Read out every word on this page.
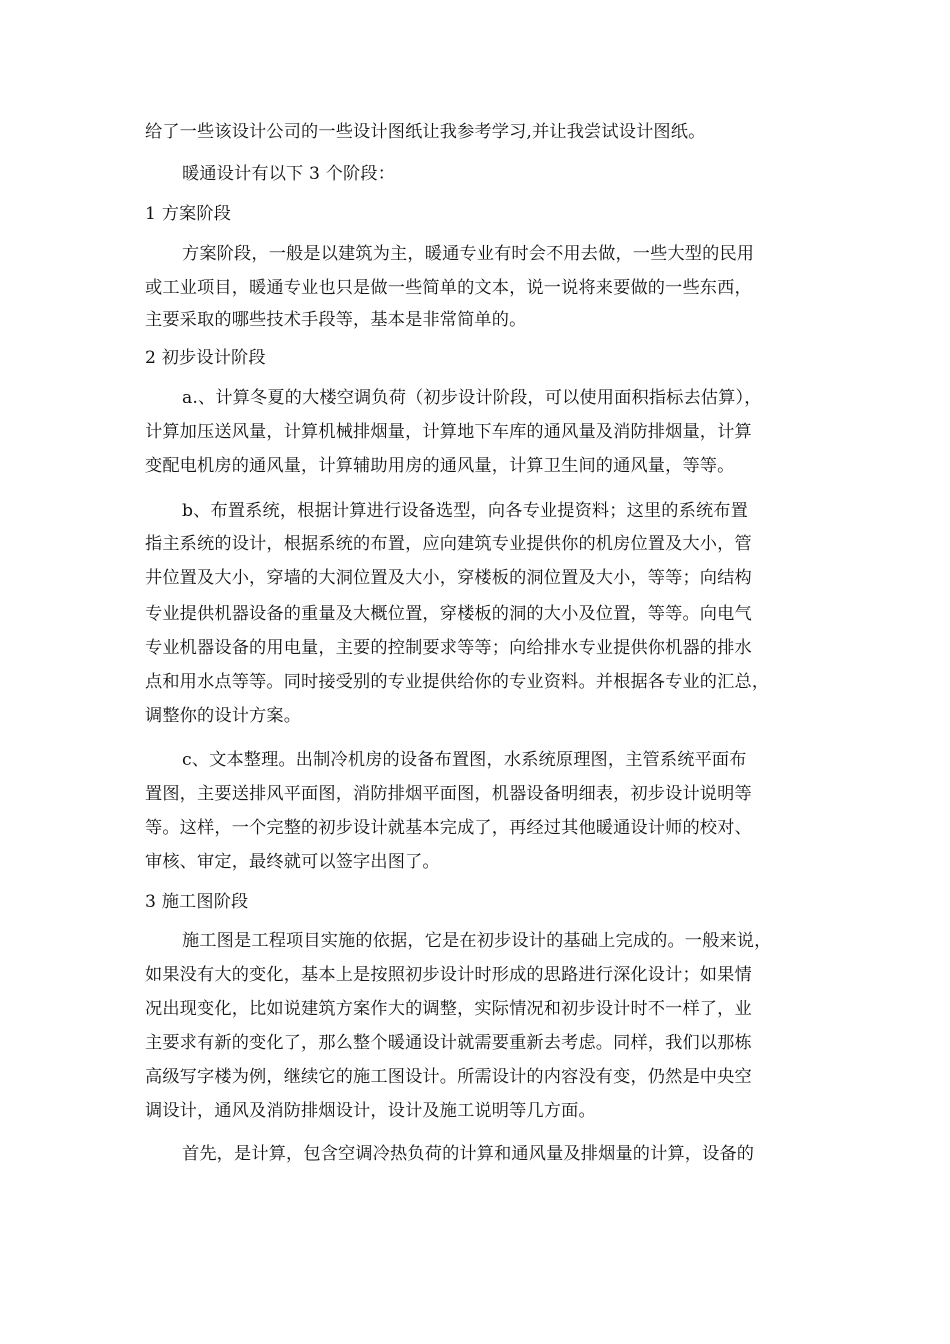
给了一些该设计公司的一些设计图纸让我参考学习,并让我尝试设计图纸。
暖通设计有以下 3 个阶段：
1 方案阶段
方案阶段，一般是以建筑为主，暖通专业有时会不用去做，一些大型的民用
或工业项目，暖通专业也只是做一些简单的文本，说一说将来要做的一些东西，
主要采取的哪些技术手段等，基本是非常简单的。
2 初步设计阶段
a.、计算冬夏的大楼空调负荷（初步设计阶段，可以使用面积指标去估算），
计算加压送风量，计算机械排烟量，计算地下车库的通风量及消防排烟量，计算
变配电机房的通风量，计算辅助用房的通风量，计算卫生间的通风量，等等。
b、布置系统，根据计算进行设备选型，向各专业提资料；这里的系统布置
指主系统的设计，根据系统的布置，应向建筑专业提供你的机房位置及大小，管
井位置及大小，穿墙的大洞位置及大小，穿楼板的洞位置及大小，等等；向结构
专业提供机器设备的重量及大概位置，穿楼板的洞的大小及位置，等等。向电气
专业机器设备的用电量，主要的控制要求等等；向给排水专业提供你机器的排水
点和用水点等等。同时接受别的专业提供给你的专业资料。并根据各专业的汇总，
调整你的设计方案。
c、文本整理。出制冷机房的设备布置图，水系统原理图，主管系统平面布
置图，主要送排风平面图，消防排烟平面图，机器设备明细表，初步设计说明等
等。这样，一个完整的初步设计就基本完成了，再经过其他暖通设计师的校对、
审核、审定，最终就可以签字出图了。
3 施工图阶段
施工图是工程项目实施的依据，它是在初步设计的基础上完成的。一般来说，
如果没有大的变化，基本上是按照初步设计时形成的思路进行深化设计；如果情
况出现变化，比如说建筑方案作大的调整，实际情况和初步设计时不一样了，业
主要求有新的变化了，那么整个暖通设计就需要重新去考虑。同样，我们以那栋
高级写字楼为例，继续它的施工图设计。所需设计的内容没有变，仍然是中央空
调设计，通风及消防排烟设计，设计及施工说明等几方面。
首先，是计算，包含空调冷热负荷的计算和通风量及排烟量的计算，设备的
